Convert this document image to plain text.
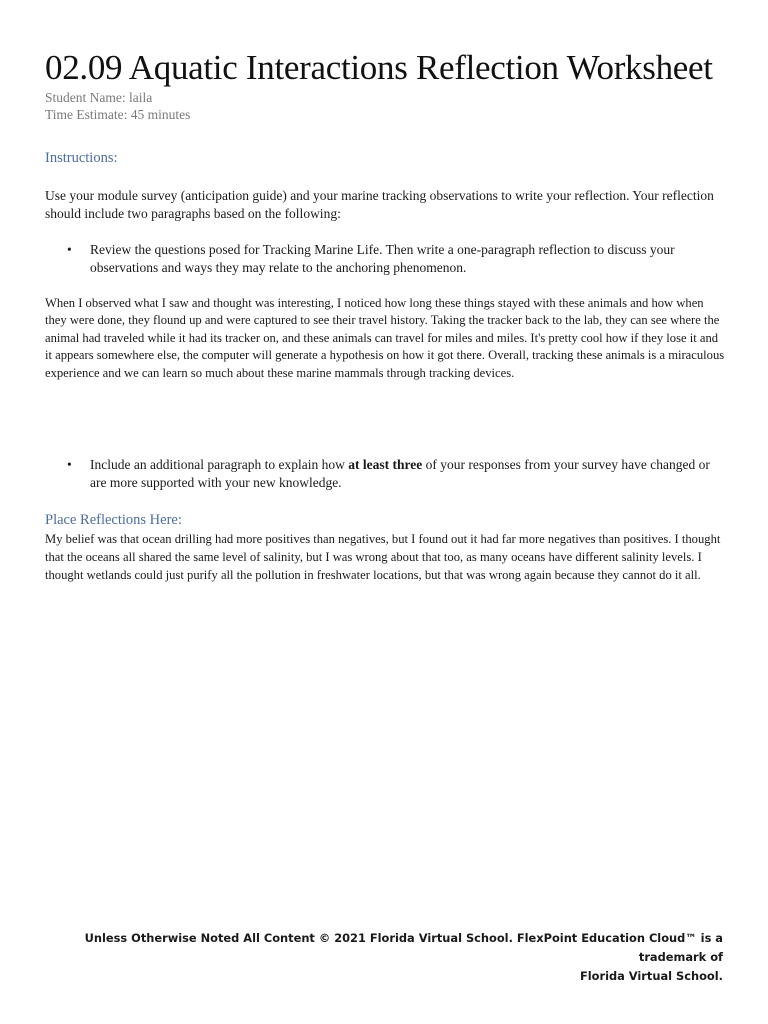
02.09 Aquatic Interactions Reflection Worksheet
Student Name: laila
Time Estimate: 45 minutes
Instructions:
Use your module survey (anticipation guide) and your marine tracking observations to write your reflection. Your reflection should include two paragraphs based on the following:
•	Review the questions posed for Tracking Marine Life. Then write a one-paragraph reflection to discuss your observations and ways they may relate to the anchoring phenomenon.
When I observed what I saw and thought was interesting, I noticed how long these things stayed with these animals and how when they were done, they flound up and were captured to see their travel history. Taking the tracker back to the lab, they can see where the animal had traveled while it had its tracker on, and these animals can travel for miles and miles. It's pretty cool how if they lose it and it appears somewhere else, the computer will generate a hypothesis on how it got there. Overall, tracking these animals is a miraculous experience and we can learn so much about these marine mammals through tracking devices.
•	Include an additional paragraph to explain how at least three of your responses from your survey have changed or are more supported with your new knowledge.
Place Reflections Here:
My belief was that ocean drilling had more positives than negatives, but I found out it had far more negatives than positives. I thought that the oceans all shared the same level of salinity, but I was wrong about that too, as many oceans have different salinity levels. I thought wetlands could just purify all the pollution in freshwater locations, but that was wrong again because they cannot do it all.
Unless Otherwise Noted All Content © 2021 Florida Virtual School. FlexPoint Education Cloud™ is a trademark of
Florida Virtual School.
